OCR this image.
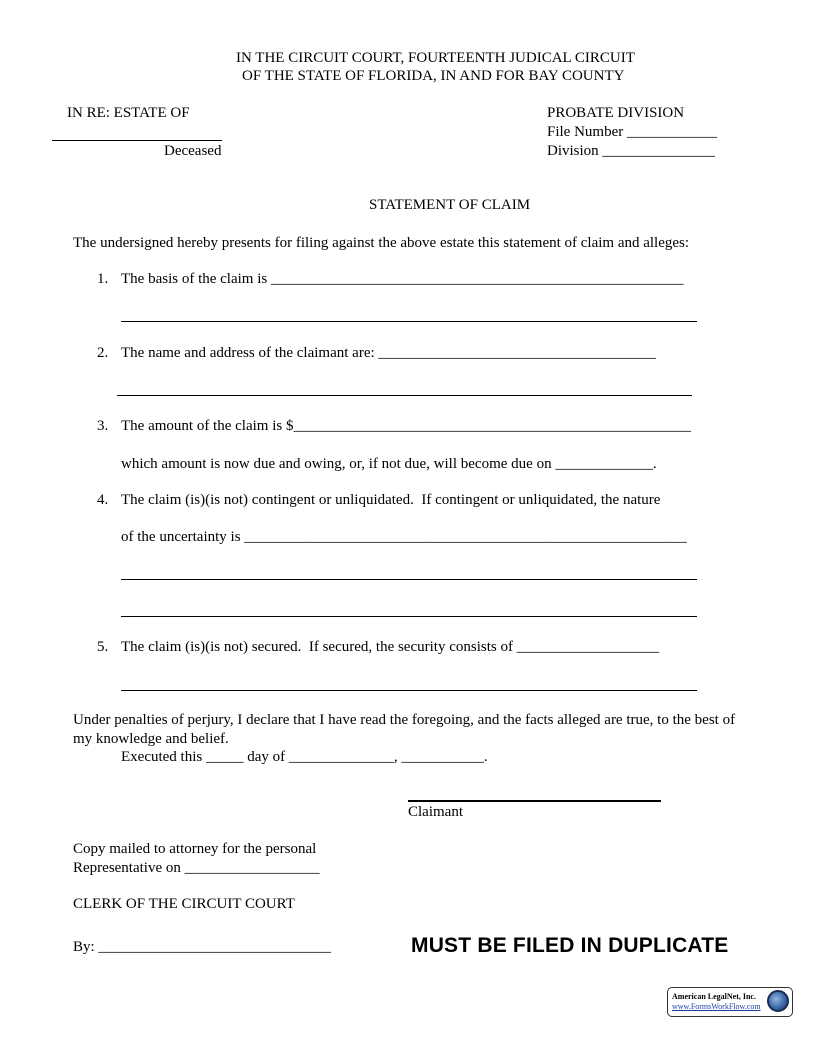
IN THE CIRCUIT COURT, FOURTEENTH JUDICAL CIRCUIT
OF THE STATE OF FLORIDA, IN AND FOR BAY COUNTY
IN RE: ESTATE OF
Deceased
PROBATE DIVISION
File Number ____________
Division _______________
STATEMENT OF CLAIM
The undersigned hereby presents for filing against the above estate this statement of claim and alleges:
1. The basis of the claim is _______________________________________________________
2. The name and address of the claimant are: _____________________________________
3. The amount of the claim is $_____________________________________________________
which amount is now due and owing, or, if not due, will become due on _____________.
4. The claim (is)(is not) contingent or unliquidated.  If contingent or unliquidated, the nature
of the uncertainty is ___________________________________________________________
5. The claim (is)(is not) secured.  If secured, the security consists of ___________________
Under penalties of perjury, I declare that I have read the foregoing, and the facts alleged are true, to the best of
my knowledge and belief.
Executed this _____ day of ______________, ___________.
Claimant
Copy mailed to attorney for the personal
Representative on __________________
CLERK OF THE CIRCUIT COURT
By: _______________________________	MUST BE FILED IN DUPLICATE
American LegalNet, Inc.
www.FormsWorkFlow.com
